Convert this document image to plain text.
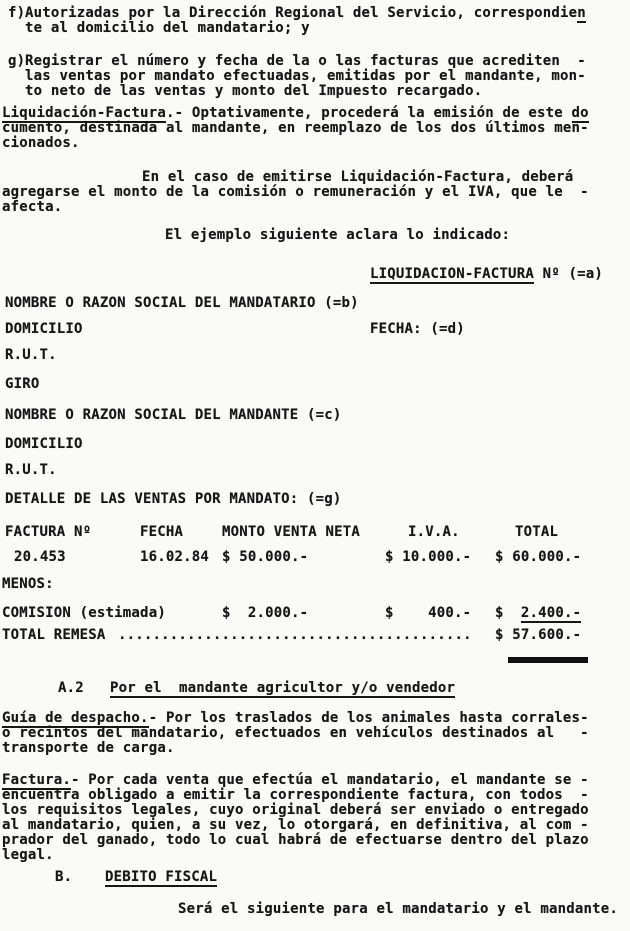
f) Autorizadas por la Dirección Regional del Servicio, correspondien
te al domicilio del mandatario; y
g) Registrar el número y fecha de la o las facturas que acrediten  -
las ventas por mandato efectuadas, emitidas por el mandante, mon-
to neto de las ventas y monto del Impuesto recargado.
Liquidación-Factura.- Optativamente, procederá la emisión de este do
cumento, destinada al mandante, en reemplazo de los dos últimos men-
cionados.
En el caso de emitirse Liquidación-Factura, deberá
agregarse el monto de la comisión o remuneración y el IVA, que le  -
afecta.
El ejemplo siguiente aclara lo indicado:
LIQUIDACION-FACTURA Nº (=a)
NOMBRE O RAZON SOCIAL DEL MANDATARIO (=b)
DOMICILIO	FECHA: (=d)
R.U.T.
GIRO
NOMBRE O RAZON SOCIAL DEL MANDANTE (=c)
DOMICILIO
R.U.T.
DETALLE DE LAS VENTAS POR MANDATO: (=g)
FACTURA Nº	FECHA	MONTO VENTA NETA	I.V.A.	TOTAL
20.453	16.02.84 $ 50.000.-	$ 10.000.- $ 60.000.-
MENOS:
COMISION (estimada)	$  2.000.-	$    400.- $  2.400.-
TOTAL REMESA ......................................... $ 57.600.-
A.2 Por el  mandante agricultor y/o vendedor
Guía de despacho.- Por los traslados de los animales hasta corrales-
o recintos del mandatario, efectuados en vehículos destinados al   -
transporte de carga.
Factura.- Por cada venta que efectúa el mandatario, el mandante se -
encuentra obligado a emitir la correspondiente factura, con todos  -
los requisitos legales, cuyo original deberá ser enviado o entregado
al mandatario, quien, a su vez, lo otorgará, en definitiva, al com -
prador del ganado, todo lo cual habrá de efectuarse dentro del plazo
legal.
B. DEBITO FISCAL
Será el siguiente para el mandatario y el mandante.
